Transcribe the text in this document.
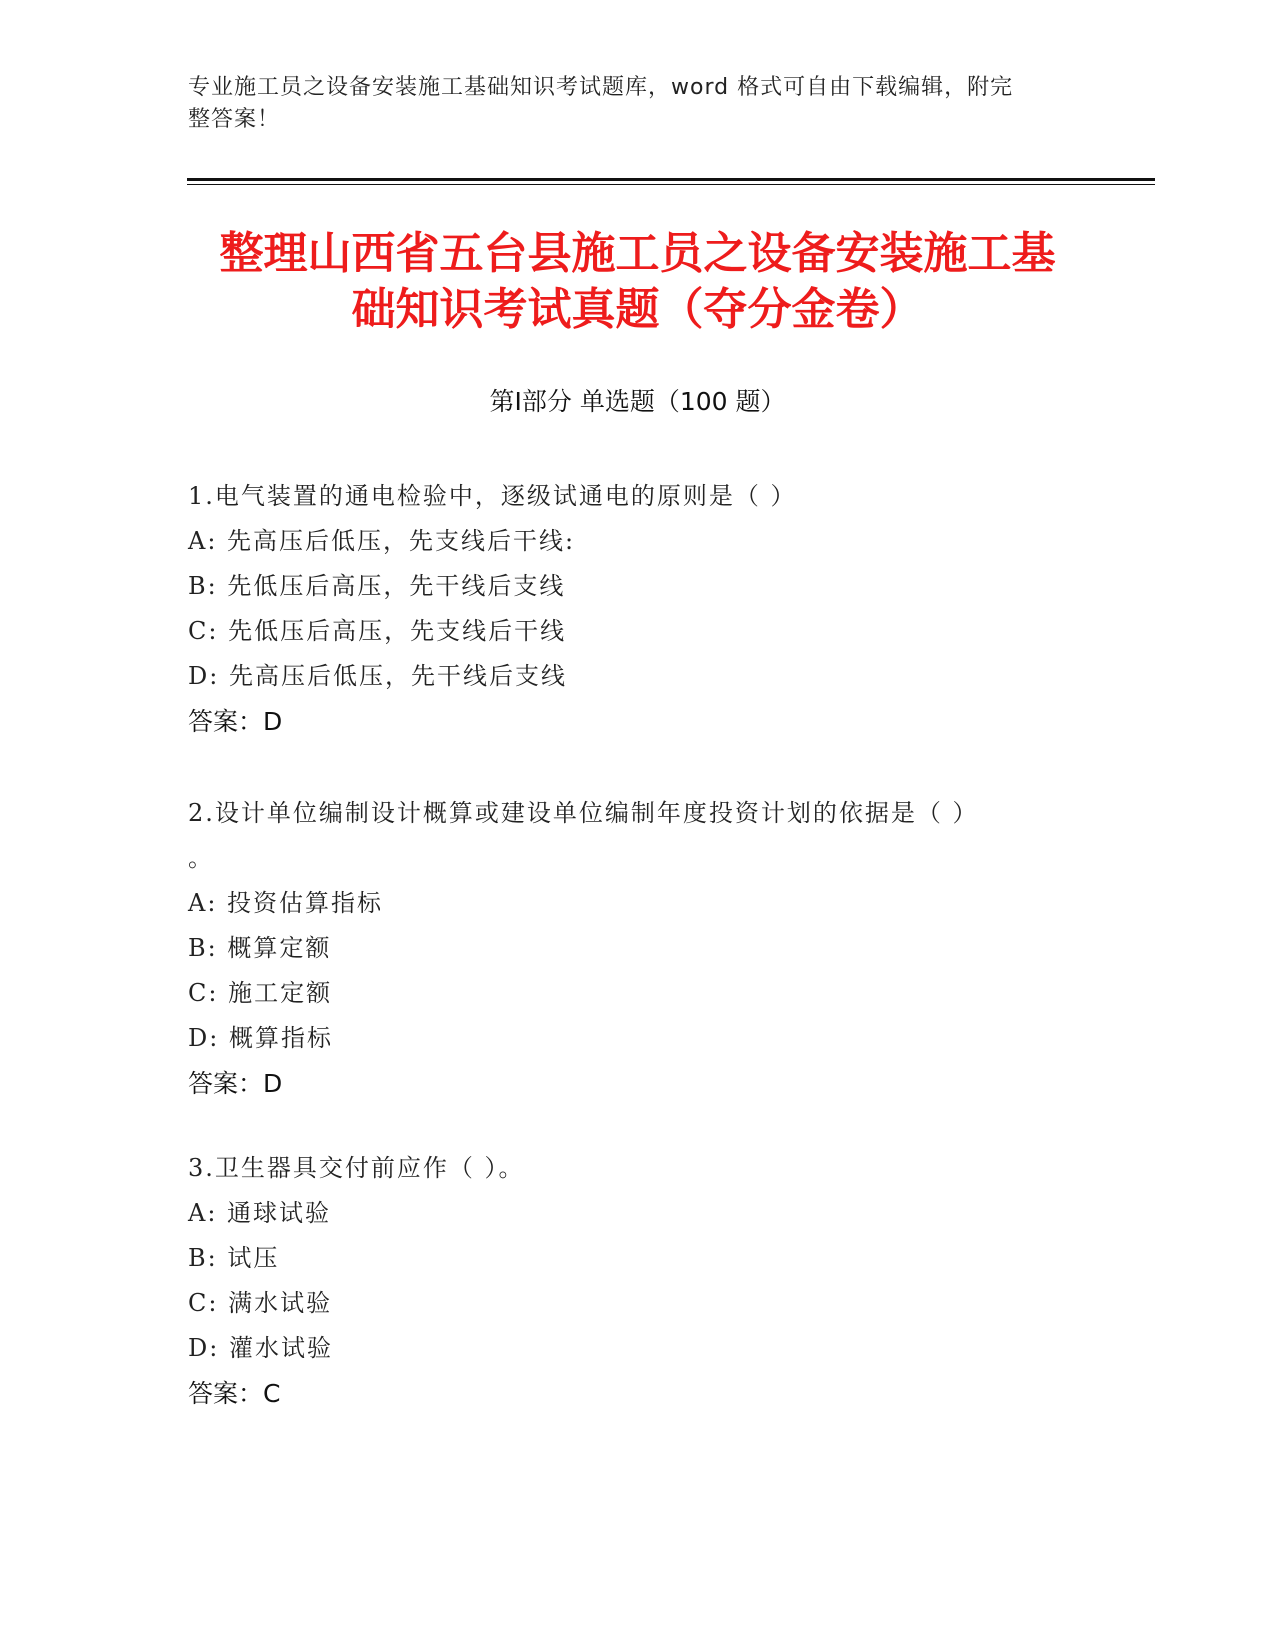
专业施工员之设备安装施工基础知识考试题库，word 格式可自由下载编辑，附完
整答案！
整理山西省五台县施工员之设备安装施工基
础知识考试真题（夺分金卷）
第Ⅰ部分 单选题（100 题）
1.电气装置的通电检验中，逐级试通电的原则是（ ）
A: 先高压后低压，先支线后干线:
B: 先低压后高压，先干线后支线
C: 先低压后高压，先支线后干线
D: 先高压后低压，先干线后支线
答案：D
2.设计单位编制设计概算或建设单位编制年度投资计划的依据是（ ）
。
A: 投资估算指标
B: 概算定额
C: 施工定额
D: 概算指标
答案：D
3.卫生器具交付前应作（ ）。
A: 通球试验
B: 试压
C: 满水试验
D: 灌水试验
答案：C
